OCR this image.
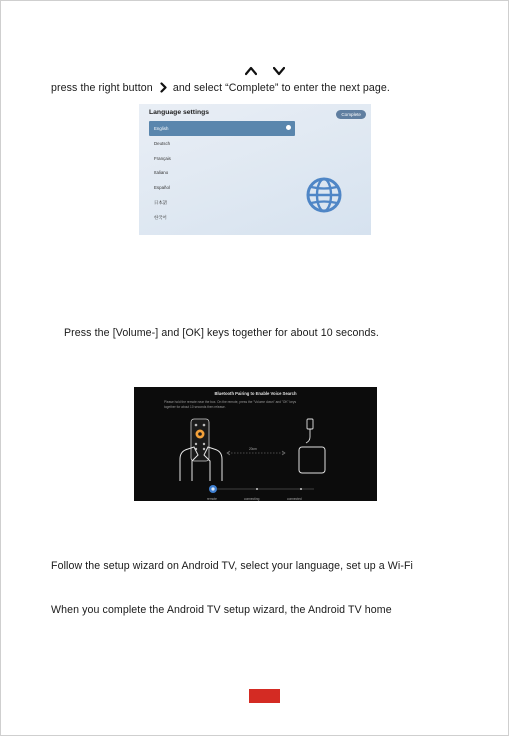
press the right button and select “Complete” to enter the next page.
Language settings	Complete
English
Deutsch
Français
Italiano
Español
日本語
한국어
Press the [Volume-] and [OK] keys together for about 10 seconds.
Bluetooth Pairing to Enable Voice Search
Please hold the remote near the box. On the remote, press the "Volume down" and "OK" keys
together for about 10 seconds then release.
20cm
remote	connecting	connected
Follow the setup wizard on Android TV, select your language, set up a Wi-Fi
When you complete the Android TV setup wizard, the Android TV home
